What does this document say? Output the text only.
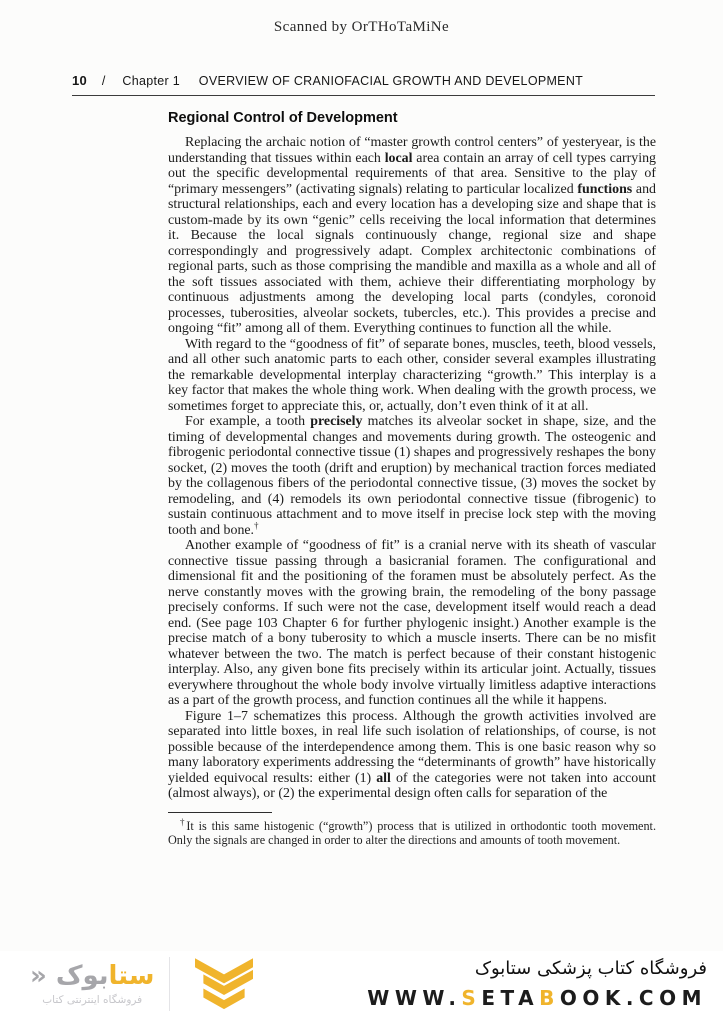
Scanned by OrTHoTaMiNe
10 / Chapter 1 OVERVIEW OF CRANIOFACIAL GROWTH AND DEVELOPMENT
Regional Control of Development

Replacing the archaic notion of “master growth control centers” of yesteryear, is the understanding that tissues within each local area contain an array of cell types carrying out the specific developmental requirements of that area. Sensitive to the play of “primary messengers” (activating signals) relating to particular localized functions and structural relationships, each and every location has a developing size and shape that is custom-made by its own “genic” cells receiving the local information that determines it. Because the local signals continuously change, regional size and shape correspondingly and progressively adapt. Complex architectonic combinations of regional parts, such as those comprising the mandible and maxilla as a whole and all of the soft tissues associated with them, achieve their differentiating morphology by continuous adjustments among the developing local parts (condyles, coronoid processes, tuberosities, alveolar sockets, tubercles, etc.). This provides a precise and ongoing “fit” among all of them. Everything continues to function all the while.

With regard to the “goodness of fit” of separate bones, muscles, teeth, blood vessels, and all other such anatomic parts to each other, consider several examples illustrating the remarkable developmental interplay characterizing “growth.” This interplay is a key factor that makes the whole thing work. When dealing with the growth process, we sometimes forget to appreciate this, or, actually, don’t even think of it at all.

For example, a tooth precisely matches its alveolar socket in shape, size, and the timing of developmental changes and movements during growth. The osteogenic and fibrogenic periodontal connective tissue (1) shapes and progressively reshapes the bony socket, (2) moves the tooth (drift and eruption) by mechanical traction forces mediated by the collagenous fibers of the periodontal connective tissue, (3) moves the socket by remodeling, and (4) remodels its own periodontal connective tissue (fibrogenic) to sustain continuous attachment and to move itself in precise lock step with the moving tooth and bone.†

Another example of “goodness of fit” is a cranial nerve with its sheath of vascular connective tissue passing through a basicranial foramen. The configurational and dimensional fit and the positioning of the foramen must be absolutely perfect. As the nerve constantly moves with the growing brain, the remodeling of the bony passage precisely conforms. If such were not the case, development itself would reach a dead end. (See page 103 Chapter 6 for further phylogenic insight.) Another example is the precise match of a bony tuberosity to which a muscle inserts. There can be no misfit whatever between the two. The match is perfect because of their constant histogenic interplay. Also, any given bone fits precisely within its articular joint. Actually, tissues everywhere throughout the whole body involve virtually limitless adaptive interactions as a part of the growth process, and function continues all the while it happens.

Figure 1–7 schematizes this process. Although the growth activities involved are separated into little boxes, in real life such isolation of relationships, of course, is not possible because of the interdependence among them. This is one basic reason why so many laboratory experiments addressing the “determinants of growth” have historically yielded equivocal results: either (1) all of the categories were not taken into account (almost always), or (2) the experimental design often calls for separation of the

†It is this same histogenic (“growth”) process that is utilized in orthodontic tooth movement. Only the signals are changed in order to alter the directions and amounts of tooth movement.

ستابوک «
فروشگاه اینترنتی کتاب
فروشگاه کتاب پزشکی ستابوک
WWW.SETABOOK.COM
